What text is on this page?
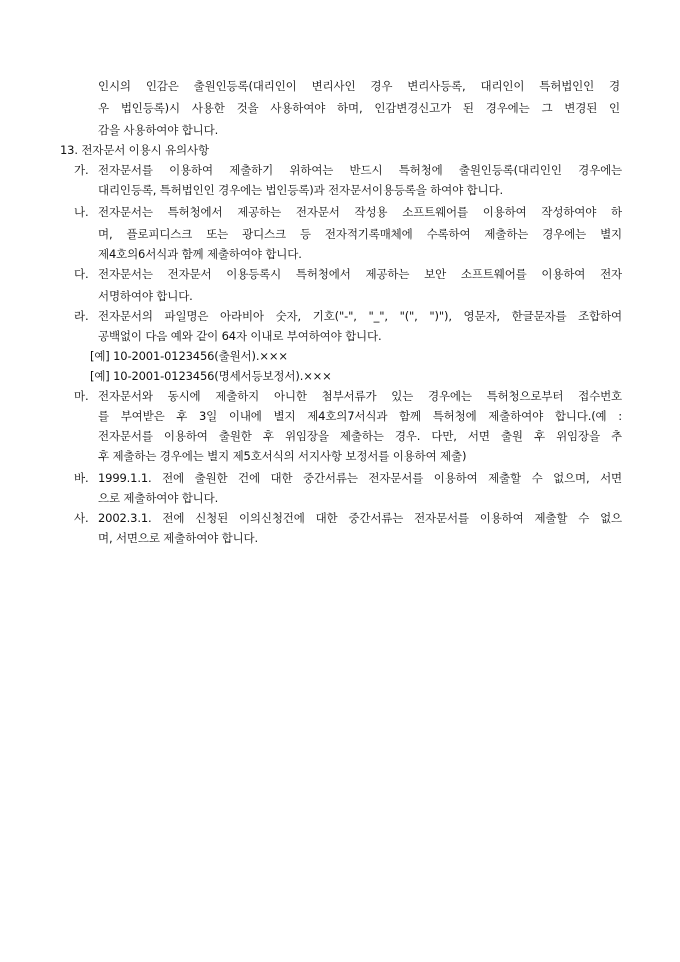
인시의 인감은 출원인등록(대리인이 변리사인 경우 변리사등록, 대리인이 특허법인인 경
우 법인등록)시 사용한 것을 사용하여야 하며, 인감변경신고가 된 경우에는 그 변경된 인
감을 사용하여야 합니다.
13. 전자문서 이용시 유의사항
가. 전자문서를 이용하여 제출하기 위하여는 반드시 특허청에 출원인등록(대리인인 경우에는
대리인등록, 특허법인인 경우에는 법인등록)과 전자문서이용등록을 하여야 합니다.
나. 전자문서는 특허청에서 제공하는 전자문서 작성용 소프트웨어를 이용하여 작성하여야 하
며, 플로피디스크 또는 광디스크 등 전자적기록매체에 수록하여 제출하는 경우에는 별지
제4호의6서식과 함께 제출하여야 합니다.
다. 전자문서는 전자문서 이용등록시 특허청에서 제공하는 보안 소프트웨어를 이용하여 전자
서명하여야 합니다.
라. 전자문서의 파일명은 아라비아 숫자, 기호("-", "_", "(", ")"), 영문자, 한글문자를 조합하여
공백없이 다음 예와 같이 64자 이내로 부여하여야 합니다.
[예] 10-2001-0123456(출원서).×××
[예] 10-2001-0123456(명세서등보정서).×××
마. 전자문서와 동시에 제출하지 아니한 첨부서류가 있는 경우에는 특허청으로부터 접수번호
를 부여받은 후 3일 이내에 별지 제4호의7서식과 함께 특허청에 제출하여야 합니다.(예 :
전자문서를 이용하여 출원한 후 위임장을 제출하는 경우. 다만, 서면 출원 후 위임장을 추
후 제출하는 경우에는 별지 제5호서식의 서지사항 보정서를 이용하여 제출)
바. 1999.1.1. 전에 출원한 건에 대한 중간서류는 전자문서를 이용하여 제출할 수 없으며, 서면
으로 제출하여야 합니다.
사. 2002.3.1. 전에 신청된 이의신청건에 대한 중간서류는 전자문서를 이용하여 제출할 수 없으
며, 서면으로 제출하여야 합니다.
